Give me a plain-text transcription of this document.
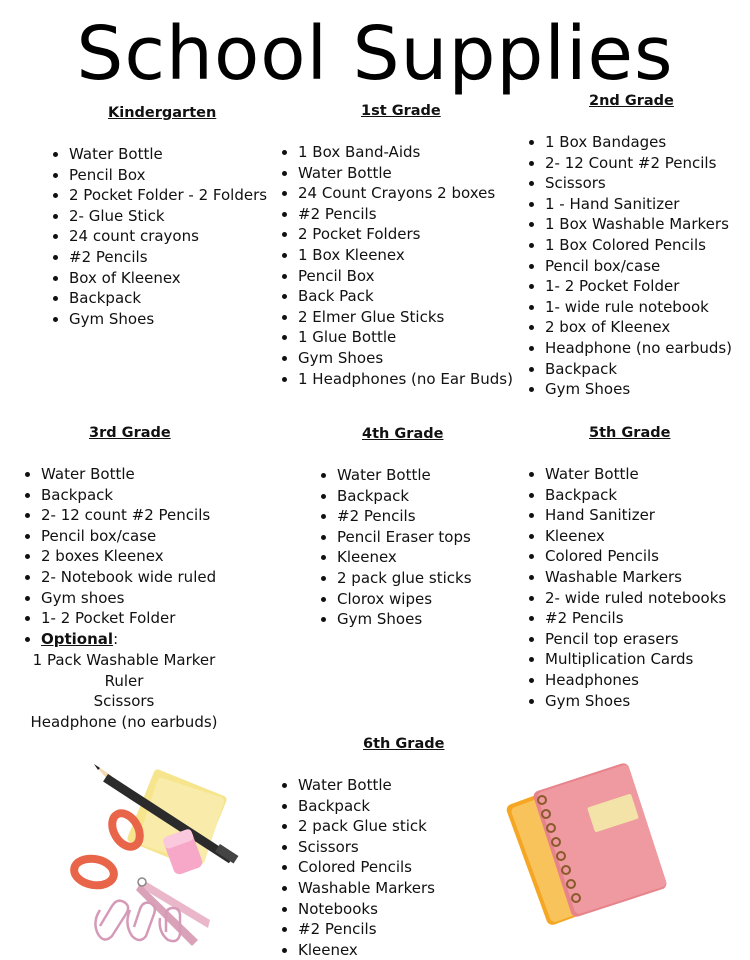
School Supplies
Kindergarten
Water Bottle
Pencil Box
2 Pocket Folder - 2 Folders
2- Glue Stick
24 count crayons
#2 Pencils
Box of Kleenex
Backpack
Gym Shoes
1st Grade
1 Box Band-Aids
Water Bottle
24 Count Crayons 2 boxes
#2 Pencils
2 Pocket Folders
1 Box Kleenex
Pencil Box
Back Pack
2 Elmer Glue Sticks
1 Glue Bottle
Gym Shoes
1 Headphones (no Ear Buds)
2nd Grade
1 Box Bandages
2- 12 Count #2 Pencils
Scissors
1 - Hand Sanitizer
1 Box Washable Markers
1 Box Colored Pencils
Pencil box/case
1- 2 Pocket Folder
1- wide rule notebook
2 box of Kleenex
Headphone (no earbuds)
Backpack
Gym Shoes
3rd Grade
Water Bottle
Backpack
2- 12 count #2 Pencils
Pencil box/case
2 boxes Kleenex
2- Notebook wide ruled
Gym shoes
1- 2 Pocket Folder
Optional:
1 Pack Washable Marker
Ruler
Scissors
Headphone (no earbuds)
4th Grade
Water Bottle
Backpack
#2 Pencils
Pencil Eraser tops
Kleenex
2 pack glue sticks
Clorox wipes
Gym Shoes
5th Grade
Water Bottle
Backpack
Hand Sanitizer
Kleenex
Colored Pencils
Washable Markers
2- wide ruled notebooks
#2 Pencils
Pencil top erasers
Multiplication Cards
Headphones
Gym Shoes
6th Grade
Water Bottle
Backpack
2 pack Glue stick
Scissors
Colored Pencils
Washable Markers
Notebooks
#2 Pencils
Kleenex
